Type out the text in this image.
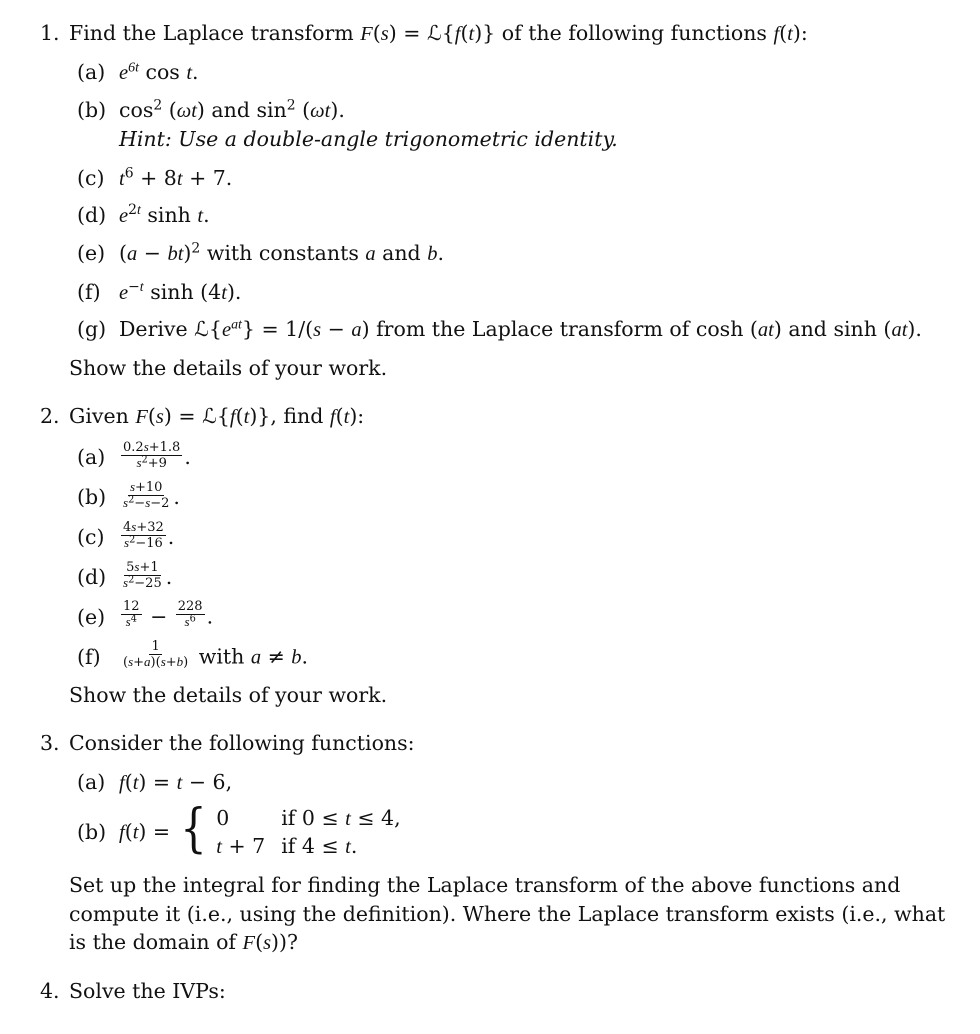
1. Find the Laplace transform F(s) = ℒ{f(t)} of the following functions f(t):
(a) $e^{6t}$ cos t.
(b) $\cos^2 (\omega t)$ and $\sin^2 (\omega t)$.
Hint: Use a double-angle trigonometric identity.
(c) $t^6 + 8t + 7$.
(d) $e^{2t}$ sinh t.
(e) (a − bt)$^2$ with constants a and b.
(f) $e^{-t}$ sinh (4t).
(g) Derive $ℒ\{e^{at}\} = 1/(s - a)$ from the Laplace transform of cosh (at) and sinh (at).
Show the details of your work.
2. Given F(s) = ℒ{f(t)}, find f(t):
$(a) \frac{0.2s+1.8}{s^2+9}$ .
$(b) \frac{s+10}{s^2-s-2}$ .
$(c) \frac{4s+32}{s^2-16}$ .
$(d) \frac{5s+1}{s^2-25}$ .
$(e) \frac{12}{s^4} - \frac{228}{s^6}$ .
$(f) \frac{1}{(s+a)(s+b)}$ with a ≠ b.
Show the details of your work.
3. Consider the following functions:
(a) f(t) = t − 6,
(b) f(t) = { 0	if 0 ≤ t ≤ 4,
t + 7 if 4 ≤ t.
Set up the integral for finding the Laplace transform of the above functions and
compute it (i.e., using the definition). Where the Laplace transform exists (i.e., what
is the domain of F(s))?
4. Solve the IVPs:
